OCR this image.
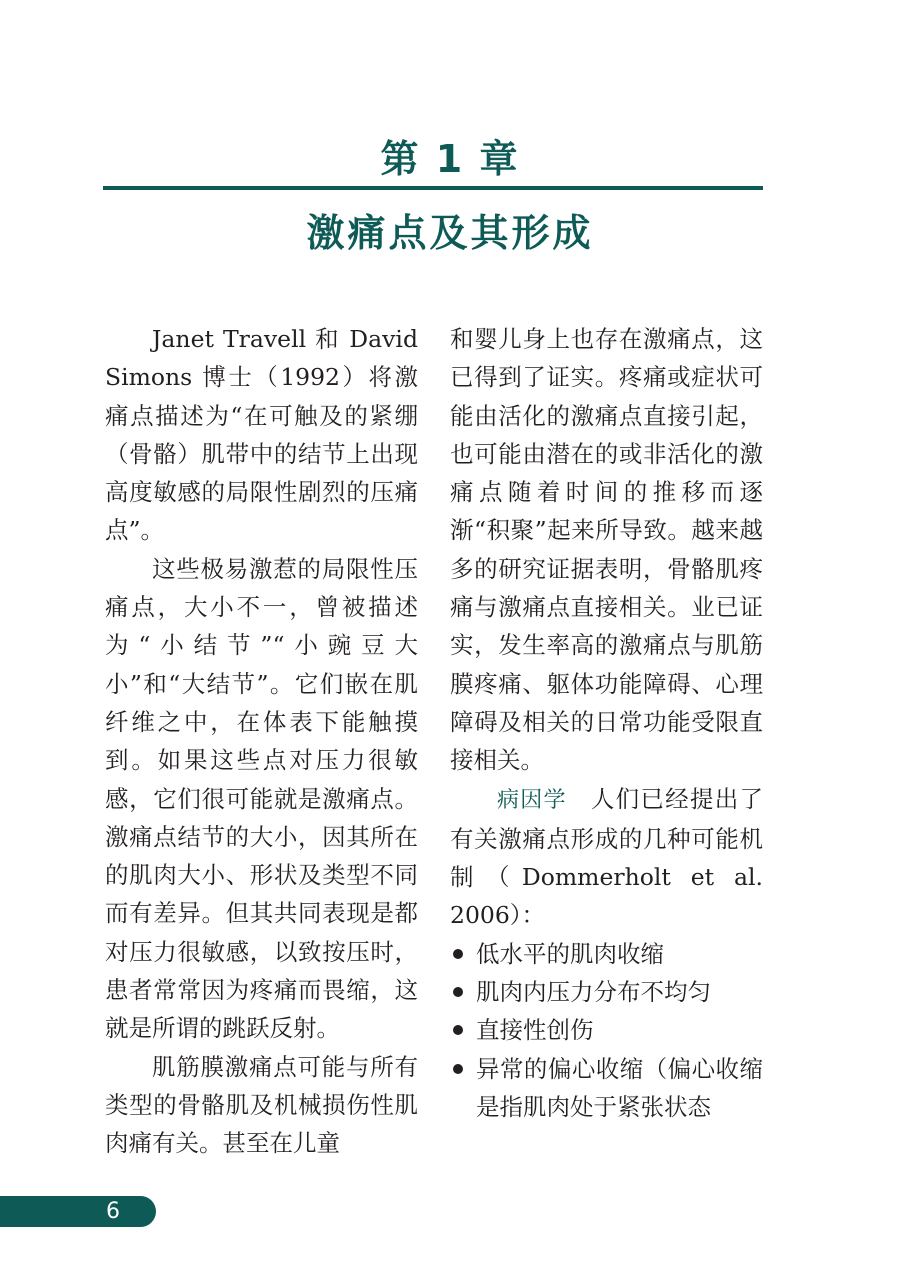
第 1 章
激痛点及其形成

Janet Travell 和 David Simons 博士（1992）将激痛点描述为“在可触及的紧绷（骨骼）肌带中的结节上出现高度敏感的局限性剧烈的压痛点”。

这些极易激惹的局限性压痛点，大小不一，曾被描述为“小结节”“小豌豆大小”和“大结节”。它们嵌在肌纤维之中，在体表下能触摸到。如果这些点对压力很敏感，它们很可能就是激痛点。激痛点结节的大小，因其所在的肌肉大小、形状及类型不同而有差异。但其共同表现是都对压力很敏感，以致按压时，患者常常因为疼痛而畏缩，这就是所谓的跳跃反射。

肌筋膜激痛点可能与所有类型的骨骼肌及机械损伤性肌肉痛有关。甚至在儿童

和婴儿身上也存在激痛点，这已得到了证实。疼痛或症状可能由活化的激痛点直接引起，也可能由潜在的或非活化的激痛点随着时间的推移而逐渐“积聚”起来所导致。越来越多的研究证据表明，骨骼肌疼痛与激痛点直接相关。业已证实，发生率高的激痛点与肌筋膜疼痛、躯体功能障碍、心理障碍及相关的日常功能受限直接相关。

病因学 人们已经提出了有关激痛点形成的几种可能机制（Dommerholt et al. 2006）：

低水平的肌肉收缩
肌肉内压力分布不均匀
直接性创伤
异常的偏心收缩（偏心收缩是指肌肉处于紧张状态
6
